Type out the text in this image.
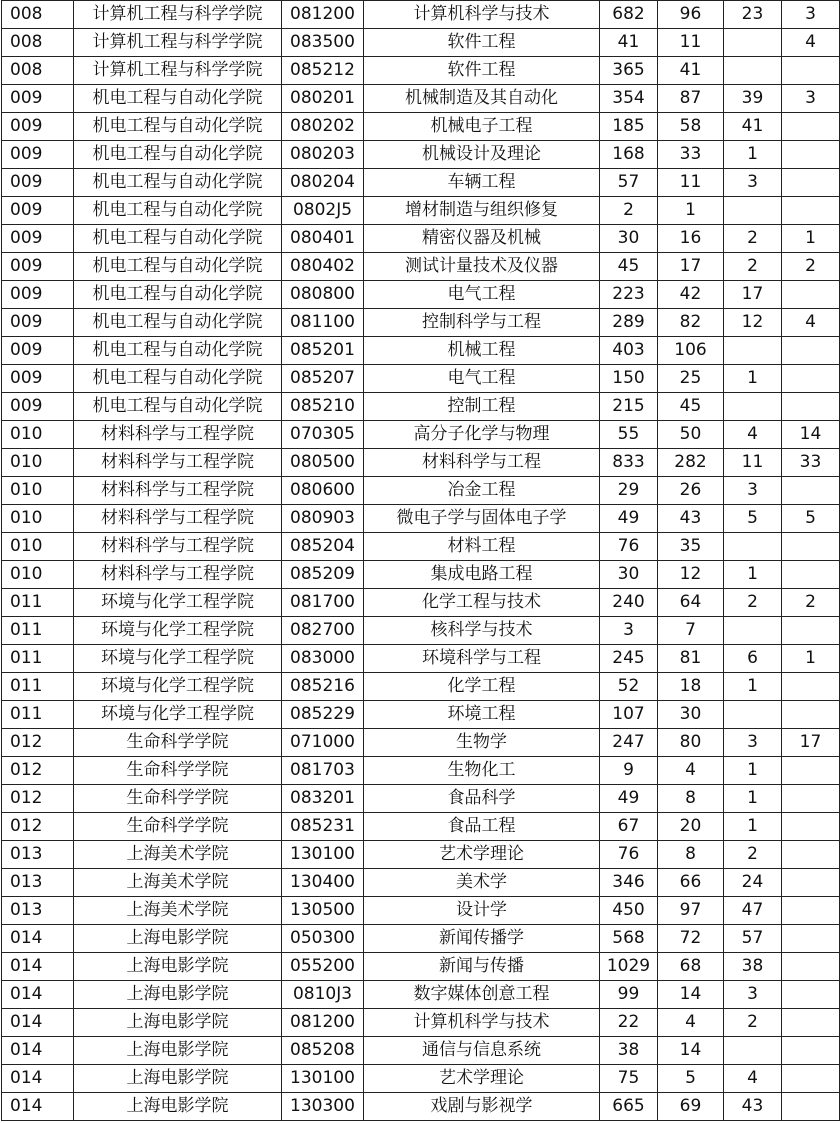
008	计算机工程与科学学院	081200	计算机科学与技术	682	96	23	3
008	计算机工程与科学学院	083500	软件工程	41	11		4
008	计算机工程与科学学院	085212	软件工程	365	41		
009	机电工程与自动化学院	080201	机械制造及其自动化	354	87	39	3
009	机电工程与自动化学院	080202	机械电子工程	185	58	41	
009	机电工程与自动化学院	080203	机械设计及理论	168	33	1	
009	机电工程与自动化学院	080204	车辆工程	57	11	3	
009	机电工程与自动化学院	0802J5	增材制造与组织修复	2	1		
009	机电工程与自动化学院	080401	精密仪器及机械	30	16	2	1
009	机电工程与自动化学院	080402	测试计量技术及仪器	45	17	2	2
009	机电工程与自动化学院	080800	电气工程	223	42	17	
009	机电工程与自动化学院	081100	控制科学与工程	289	82	12	4
009	机电工程与自动化学院	085201	机械工程	403	106		
009	机电工程与自动化学院	085207	电气工程	150	25	1	
009	机电工程与自动化学院	085210	控制工程	215	45		
010	材料科学与工程学院	070305	高分子化学与物理	55	50	4	14
010	材料科学与工程学院	080500	材料科学与工程	833	282	11	33
010	材料科学与工程学院	080600	冶金工程	29	26	3	
010	材料科学与工程学院	080903	微电子学与固体电子学	49	43	5	5
010	材料科学与工程学院	085204	材料工程	76	35		
010	材料科学与工程学院	085209	集成电路工程	30	12	1	
011	环境与化学工程学院	081700	化学工程与技术	240	64	2	2
011	环境与化学工程学院	082700	核科学与技术	3	7		
011	环境与化学工程学院	083000	环境科学与工程	245	81	6	1
011	环境与化学工程学院	085216	化学工程	52	18	1	
011	环境与化学工程学院	085229	环境工程	107	30		
012	生命科学学院	071000	生物学	247	80	3	17
012	生命科学学院	081703	生物化工	9	4	1	
012	生命科学学院	083201	食品科学	49	8	1	
012	生命科学学院	085231	食品工程	67	20	1	
013	上海美术学院	130100	艺术学理论	76	8	2	
013	上海美术学院	130400	美术学	346	66	24	
013	上海美术学院	130500	设计学	450	97	47	
014	上海电影学院	050300	新闻传播学	568	72	57	
014	上海电影学院	055200	新闻与传播	1029	68	38	
014	上海电影学院	0810J3	数字媒体创意工程	99	14	3	
014	上海电影学院	081200	计算机科学与技术	22	4	2	
014	上海电影学院	085208	通信与信息系统	38	14		
014	上海电影学院	130100	艺术学理论	75	5	4	
014	上海电影学院	130300	戏剧与影视学	665	69	43	
